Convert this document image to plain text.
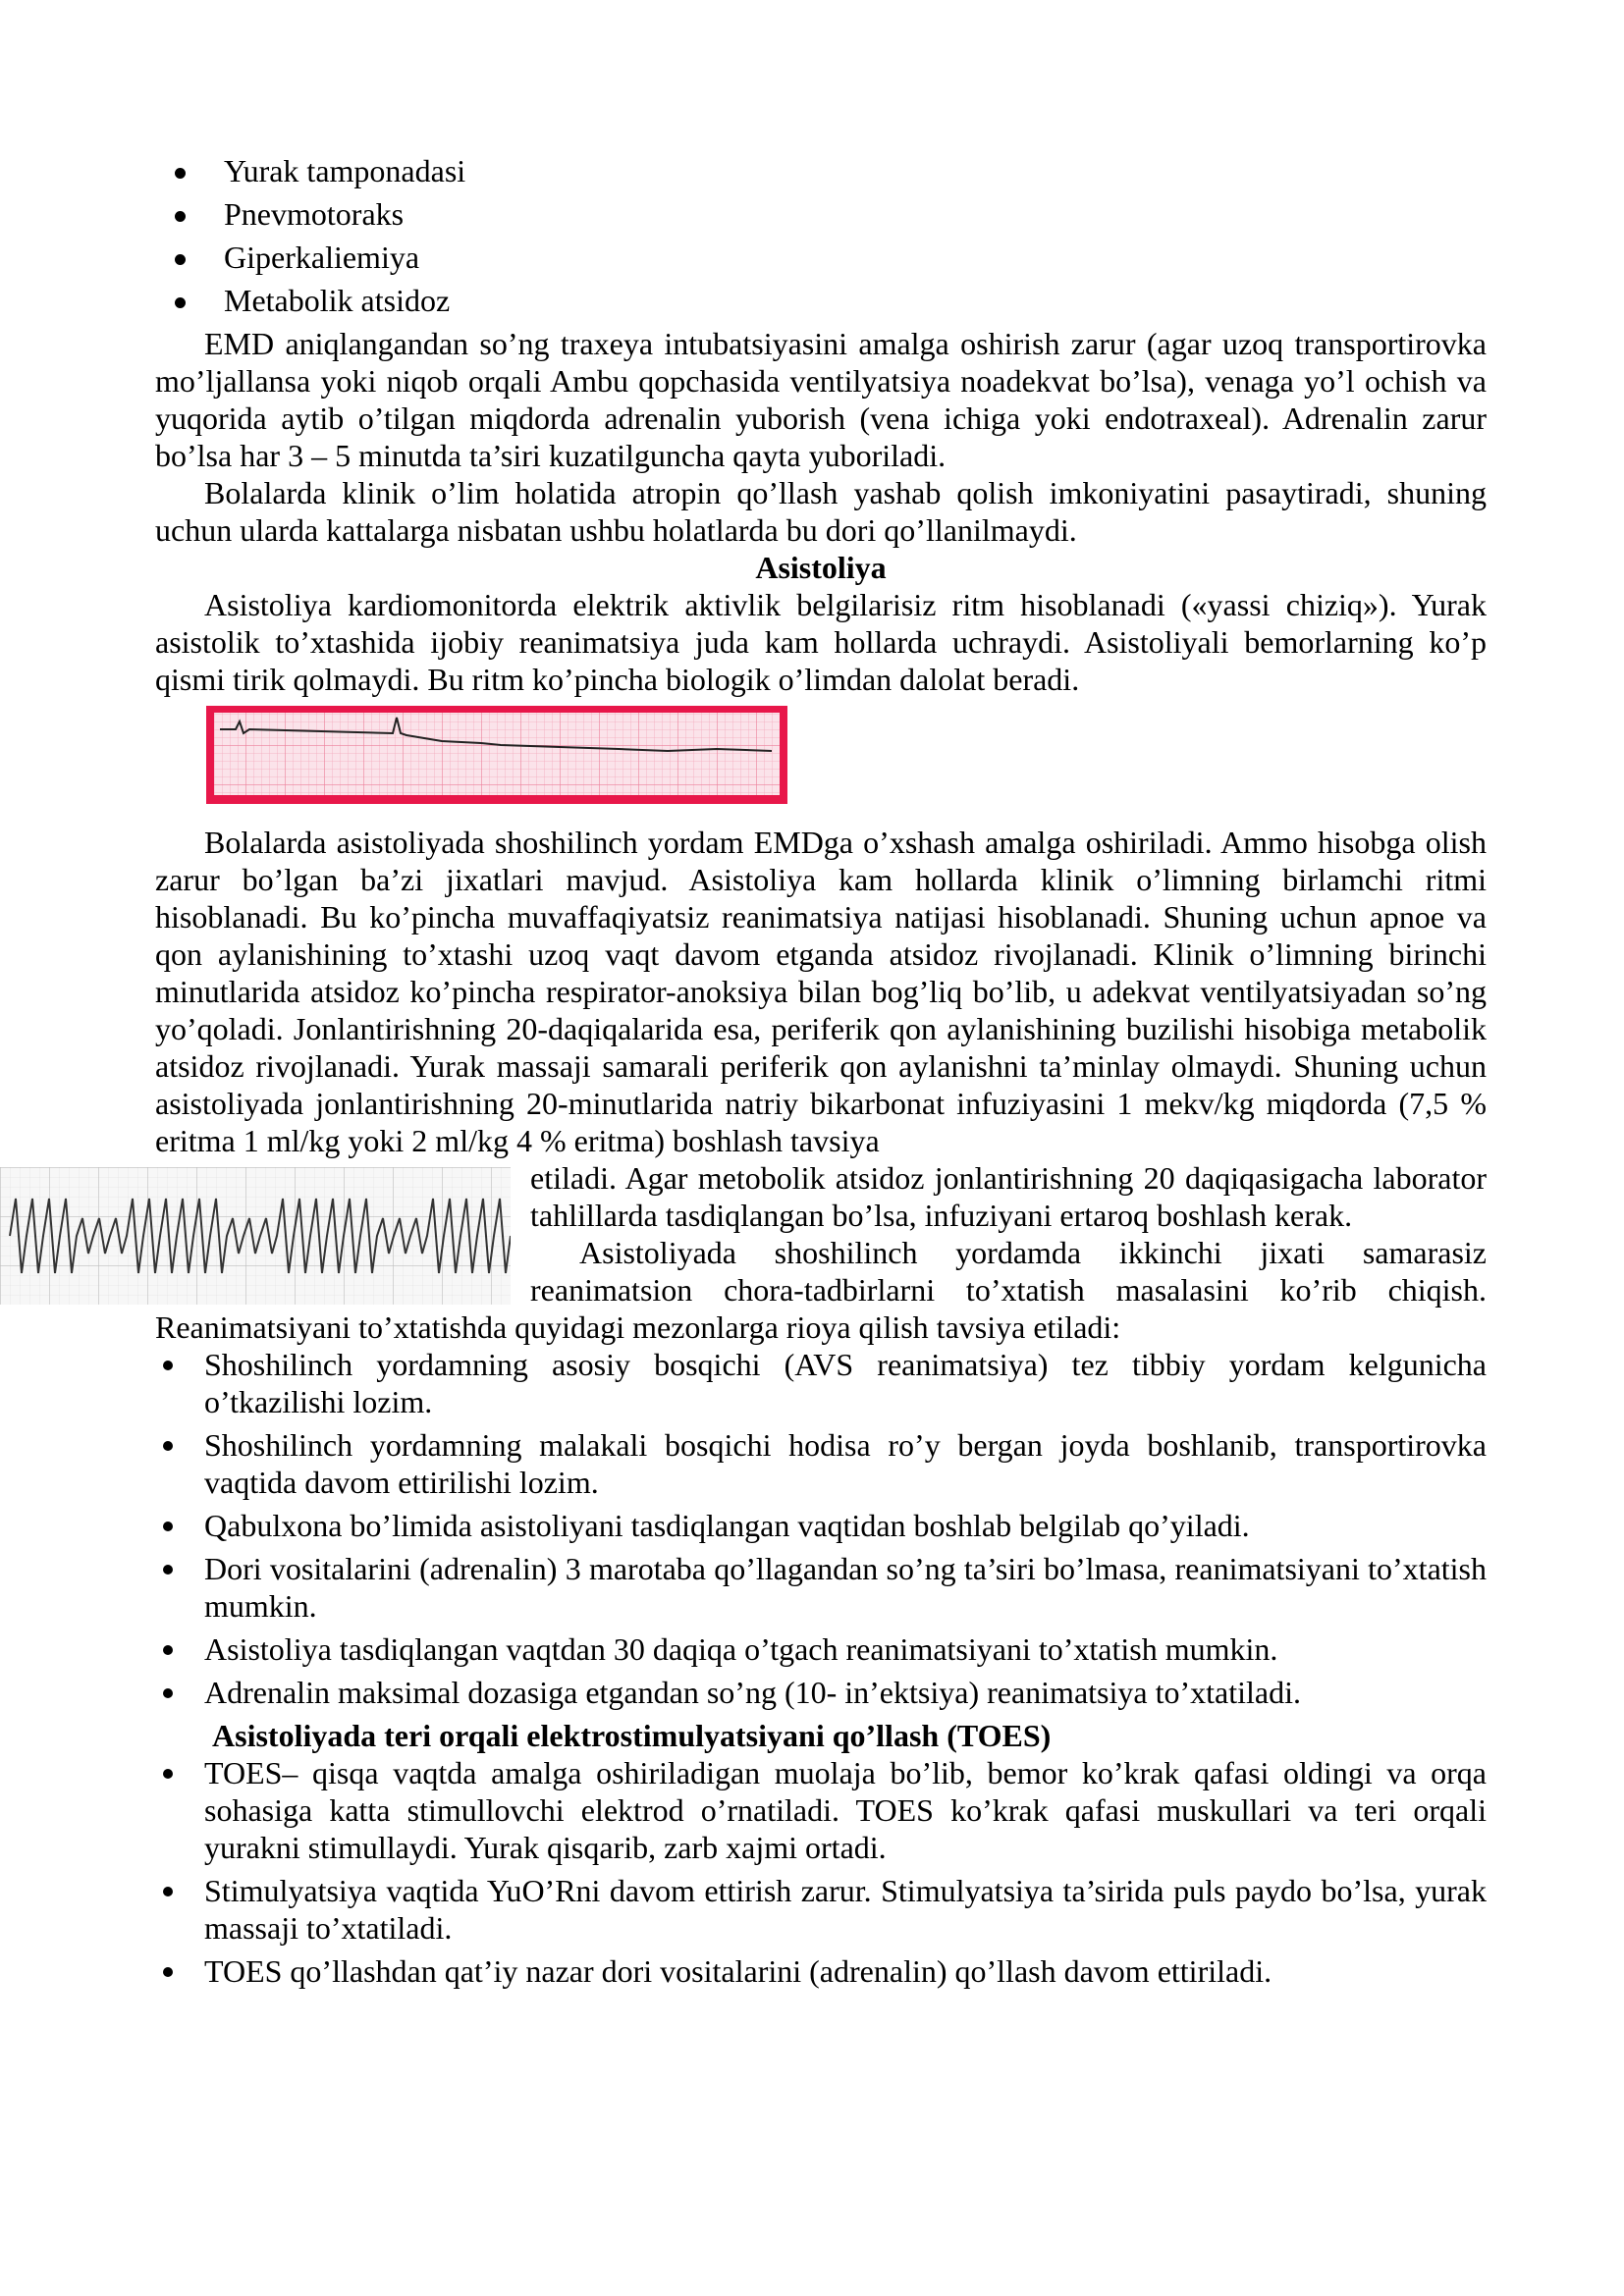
Yurak tamponadasi
Pnevmotoraks
Giperkaliemiya
Metabolik atsidoz

EMD aniqlangandan so’ng traxeya intubatsiyasini amalga oshirish zarur (agar uzoq transportirovka mo’ljallansa yoki niqob orqali Ambu qopchasida ventilyatsiya noadekvat bo’lsa), venaga yo’l ochish va yuqorida aytib o’tilgan miqdorda adrenalin yuborish (vena ichiga yoki endotraxeal). Adrenalin zarur bo’lsa har 3 – 5 minutda ta’siri kuzatilguncha qayta yuboriladi.

Bolalarda klinik o’lim holatida atropin qo’llash yashab qolish imkoniyatini pasaytiradi, shuning uchun ularda kattalarga nisbatan ushbu holatlarda bu dori qo’llanilmaydi.

Asistoliya

Asistoliya kardiomonitorda elektrik aktivlik belgilarisiz ritm hisoblanadi («yassi chiziq»). Yurak asistolik to’xtashida ijobiy reanimatsiya juda kam hollarda uchraydi. Asistoliyali bemorlarning ko’p qismi tirik qolmaydi. Bu ritm ko’pincha biologik o’limdan dalolat beradi.

Bolalarda asistoliyada shoshilinch yordam EMDga o’xshash amalga oshiriladi. Ammo hisobga olish zarur bo’lgan ba’zi jixatlari mavjud. Asistoliya kam hollarda klinik o’limning birlamchi ritmi hisoblanadi. Bu ko’pincha muvaffaqiyatsiz reanimatsiya natijasi hisoblanadi. Shuning uchun apnoe va qon aylanishining to’xtashi uzoq vaqt davom etganda atsidoz rivojlanadi. Klinik o’limning birinchi minutlarida atsidoz ko’pincha respirator-anoksiya bilan bog’liq bo’lib, u adekvat ventilyatsiyadan so’ng yo’qoladi. Jonlantirishning 20-daqiqalarida esa, periferik qon aylanishining buzilishi hisobiga metabolik atsidoz rivojlanadi. Yurak massaji samarali periferik qon aylanishni ta’minlay olmaydi. Shuning uchun asistoliyada jonlantirishning 20-minutlarida natriy bikarbonat infuziyasini 1 mekv/kg miqdorda (7,5 % eritma 1 ml/kg yoki 2 ml/kg 4 % eritma) boshlash tavsiya

etiladi. Agar metobolik atsidoz jonlantirishning 20 daqiqasigacha laborator tahlillarda tasdiqlangan bo’lsa, infuziyani ertaroq boshlash kerak.

Asistoliyada shoshilinch yordamda ikkinchi jixati samarasiz reanimatsion chora-tadbirlarni to’xtatish masalasini ko’rib chiqish. Reanimatsiyani to’xtatishda quyidagi mezonlarga rioya qilish tavsiya etiladi:

Shoshilinch yordamning asosiy bosqichi (AVS reanimatsiya) tez tibbiy yordam kelgunicha o’tkazilishi lozim.
Shoshilinch yordamning malakali bosqichi hodisa ro’y bergan joyda boshlanib, transportirovka vaqtida davom ettirilishi lozim.
Qabulxona bo’limida asistoliyani tasdiqlangan vaqtidan boshlab belgilab qo’yiladi.
Dori vositalarini (adrenalin) 3 marotaba qo’llagandan so’ng ta’siri bo’lmasa, reanimatsiyani to’xtatish mumkin.
Asistoliya tasdiqlangan vaqtdan 30 daqiqa o’tgach reanimatsiyani to’xtatish mumkin.
Adrenalin maksimal dozasiga etgandan so’ng (10- in’ektsiya) reanimatsiya to’xtatiladi.

Asistoliyada teri orqali elektrostimulyatsiyani qo’llash (TOES)

TOES– qisqa vaqtda amalga oshiriladigan muolaja bo’lib, bemor ko’krak qafasi oldingi va orqa sohasiga katta stimullovchi elektrod o’rnatiladi. TOES ko’krak qafasi muskullari va teri orqali yurakni stimullaydi. Yurak qisqarib, zarb xajmi ortadi.
Stimulyatsiya vaqtida YuO’Rni davom ettirish zarur. Stimulyatsiya ta’sirida puls paydo bo’lsa, yurak massaji to’xtatiladi.
TOES qo’llashdan qat’iy nazar dori vositalarini (adrenalin) qo’llash davom ettiriladi.
